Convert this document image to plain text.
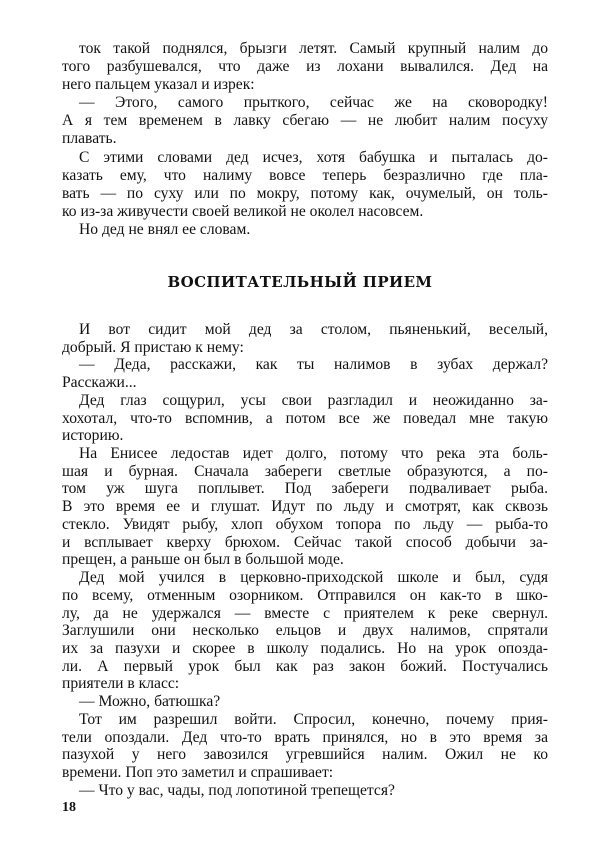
ток такой поднялся, брызги летят. Самый крупный налим до
того разбушевался, что даже из лохани вывалился. Дед на
него пальцем указал и изрек:
— Этого, самого прыткого, сейчас же на сковородку!
А я тем временем в лавку сбегаю — не любит налим посуху
плавать.
С этими словами дед исчез, хотя бабушка и пыталась до-
казать ему, что налиму вовсе теперь безразлично где пла-
вать — по суху или по мокру, потому как, очумелый, он толь-
ко из-за живучести своей великой не околел насовсем.
Но дед не внял ее словам.
ВОСПИТАТЕЛЬНЫЙ ПРИЕМ
И вот сидит мой дед за столом, пьяненький, веселый,
добрый. Я пристаю к нему:
— Деда, расскажи, как ты налимов в зубах держал?
Расскажи...
Дед глаз сощурил, усы свои разгладил и неожиданно за-
хохотал, что-то вспомнив, а потом все же поведал мне такую
историю.
На Енисее ледостав идет долго, потому что река эта боль-
шая и бурная. Сначала забереги светлые образуются, а по-
том уж шуга поплывет. Под забереги подваливает рыба.
В это время ее и глушат. Идут по льду и смотрят, как сквозь
стекло. Увидят рыбу, хлоп обухом топора по льду — рыба-то
и всплывает кверху брюхом. Сейчас такой способ добычи за-
прещен, а раньше он был в большой моде.
Дед мой учился в церковно-приходской школе и был, судя
по всему, отменным озорником. Отправился он как-то в шко-
лу, да не удержался — вместе с приятелем к реке свернул.
Заглушили они несколько ельцов и двух налимов, спрятали
их за пазухи и скорее в школу подались. Но на урок опозда-
ли. А первый урок был как раз закон божий. Постучались
приятели в класс:
— Можно, батюшка?
Тот им разрешил войти. Спросил, конечно, почему прия-
тели опоздали. Дед что-то врать принялся, но в это время за
пазухой у него завозился угревшийся налим. Ожил не ко
времени. Поп это заметил и спрашивает:
— Что у вас, чады, под лопотиной трепещется?
18
